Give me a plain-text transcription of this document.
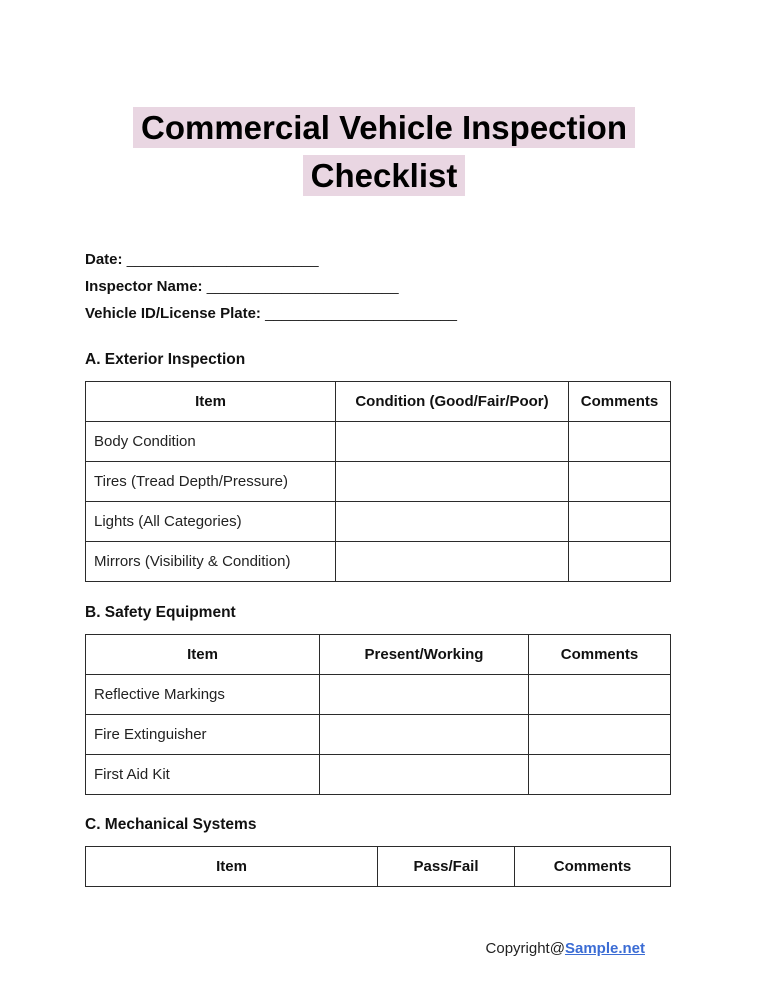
Commercial Vehicle Inspection
Checklist
Date: _______________________
Inspector Name: _______________________
Vehicle ID/License Plate: _______________________
A. Exterior Inspection
Item	Condition (Good/Fair/Poor)	Comments
Body Condition		
Tires (Tread Depth/Pressure)		
Lights (All Categories)		
Mirrors (Visibility & Condition)		
B. Safety Equipment
Item	Present/Working	Comments
Reflective Markings		
Fire Extinguisher		
First Aid Kit		
C. Mechanical Systems
Item	Pass/Fail	Comments
Copyright@Sample.net
